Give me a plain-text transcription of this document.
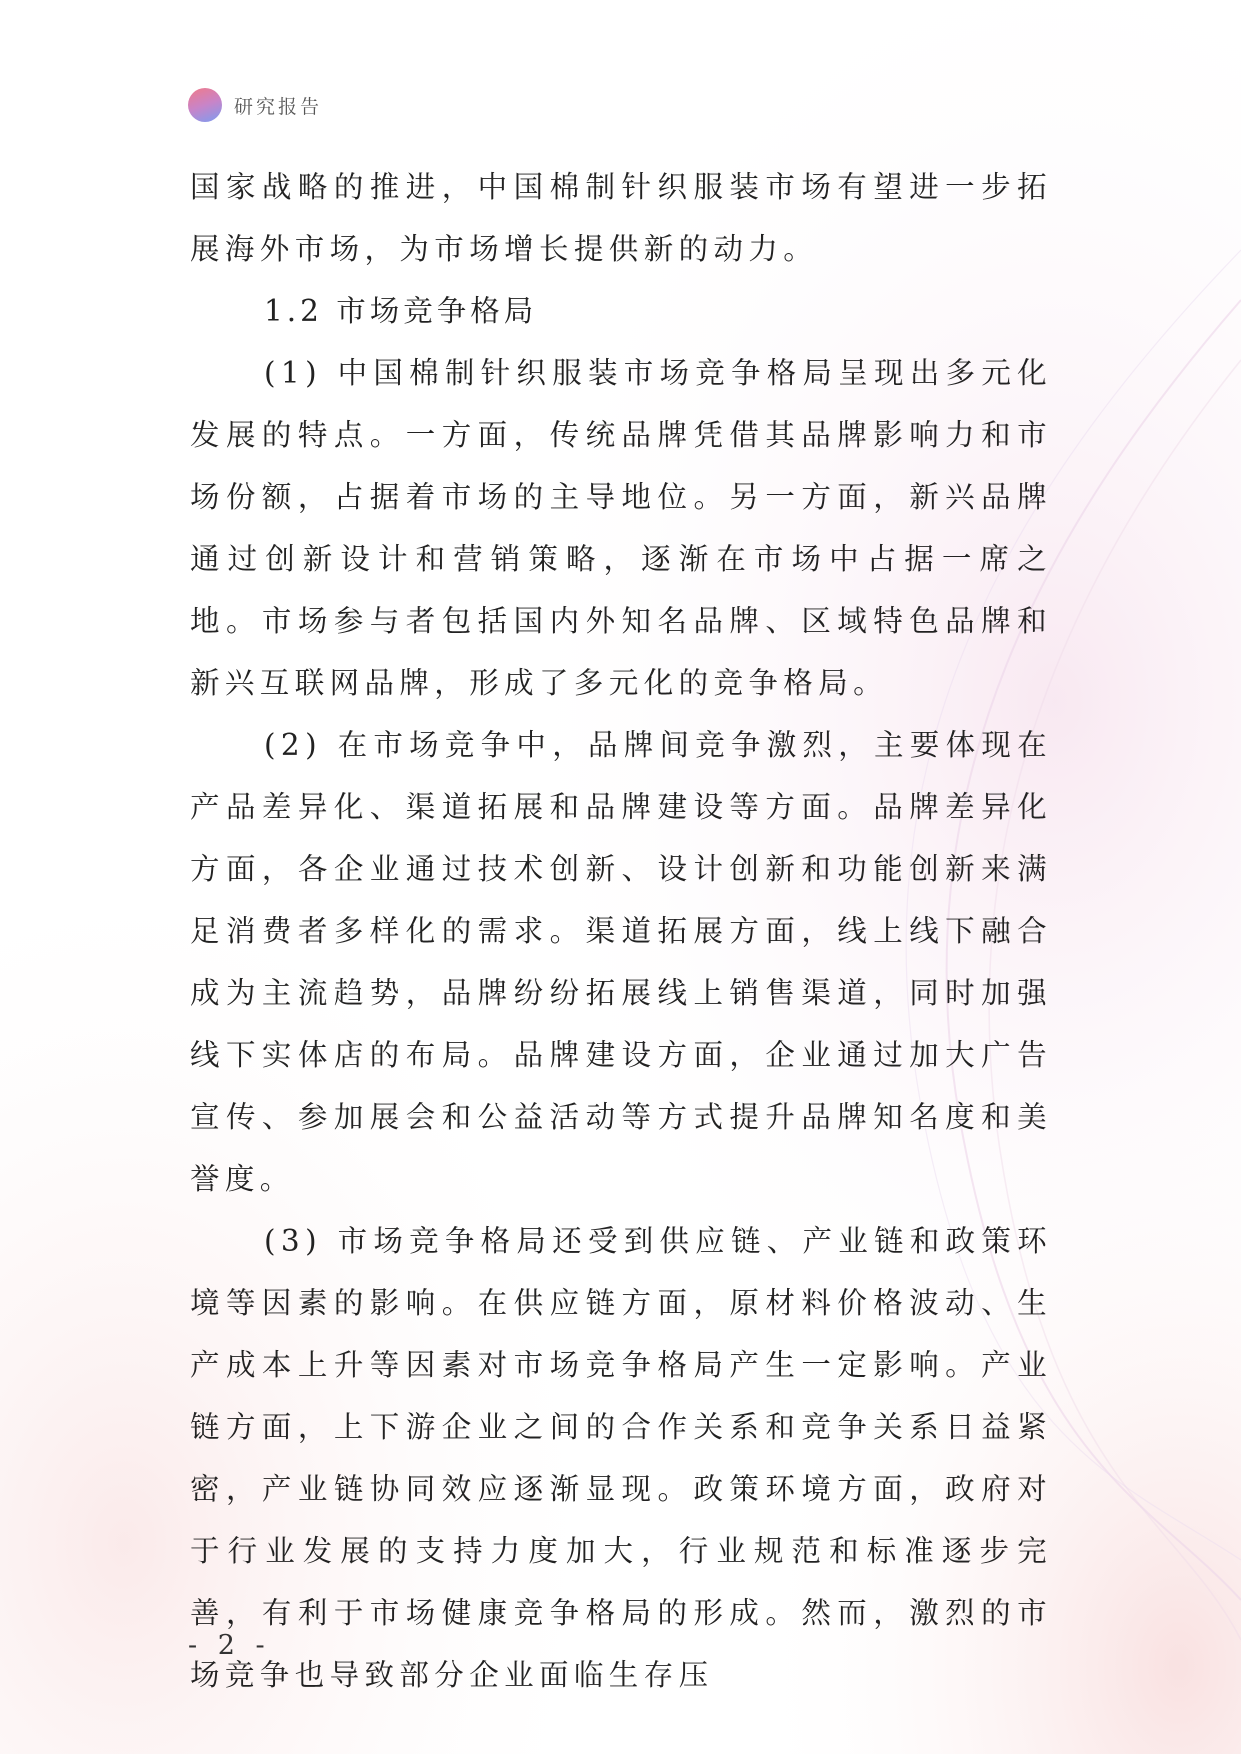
研究报告

国家战略的推进，中国棉制针织服装市场有望进一步拓展海外市场，为市场增长提供新的动力。

1.2 市场竞争格局

(1) 中国棉制针织服装市场竞争格局呈现出多元化发展的特点。一方面，传统品牌凭借其品牌影响力和市场份额，占据着市场的主导地位。另一方面，新兴品牌通过创新设计和营销策略，逐渐在市场中占据一席之地。市场参与者包括国内外知名品牌、区域特色品牌和新兴互联网品牌，形成了多元化的竞争格局。

(2) 在市场竞争中，品牌间竞争激烈，主要体现在产品差异化、渠道拓展和品牌建设等方面。品牌差异化方面，各企业通过技术创新、设计创新和功能创新来满足消费者多样化的需求。渠道拓展方面，线上线下融合成为主流趋势，品牌纷纷拓展线上销售渠道，同时加强线下实体店的布局。品牌建设方面，企业通过加大广告宣传、参加展会和公益活动等方式提升品牌知名度和美誉度。

(3) 市场竞争格局还受到供应链、产业链和政策环境等因素的影响。在供应链方面，原材料价格波动、生产成本上升等因素对市场竞争格局产生一定影响。产业链方面，上下游企业之间的合作关系和竞争关系日益紧密，产业链协同效应逐渐显现。政策环境方面，政府对于行业发展的支持力度加大，行业规范和标准逐步完善，有利于市场健康竞争格局的形成。然而，激烈的市场竞争也导致部分企业面临生存压

- 2 -
